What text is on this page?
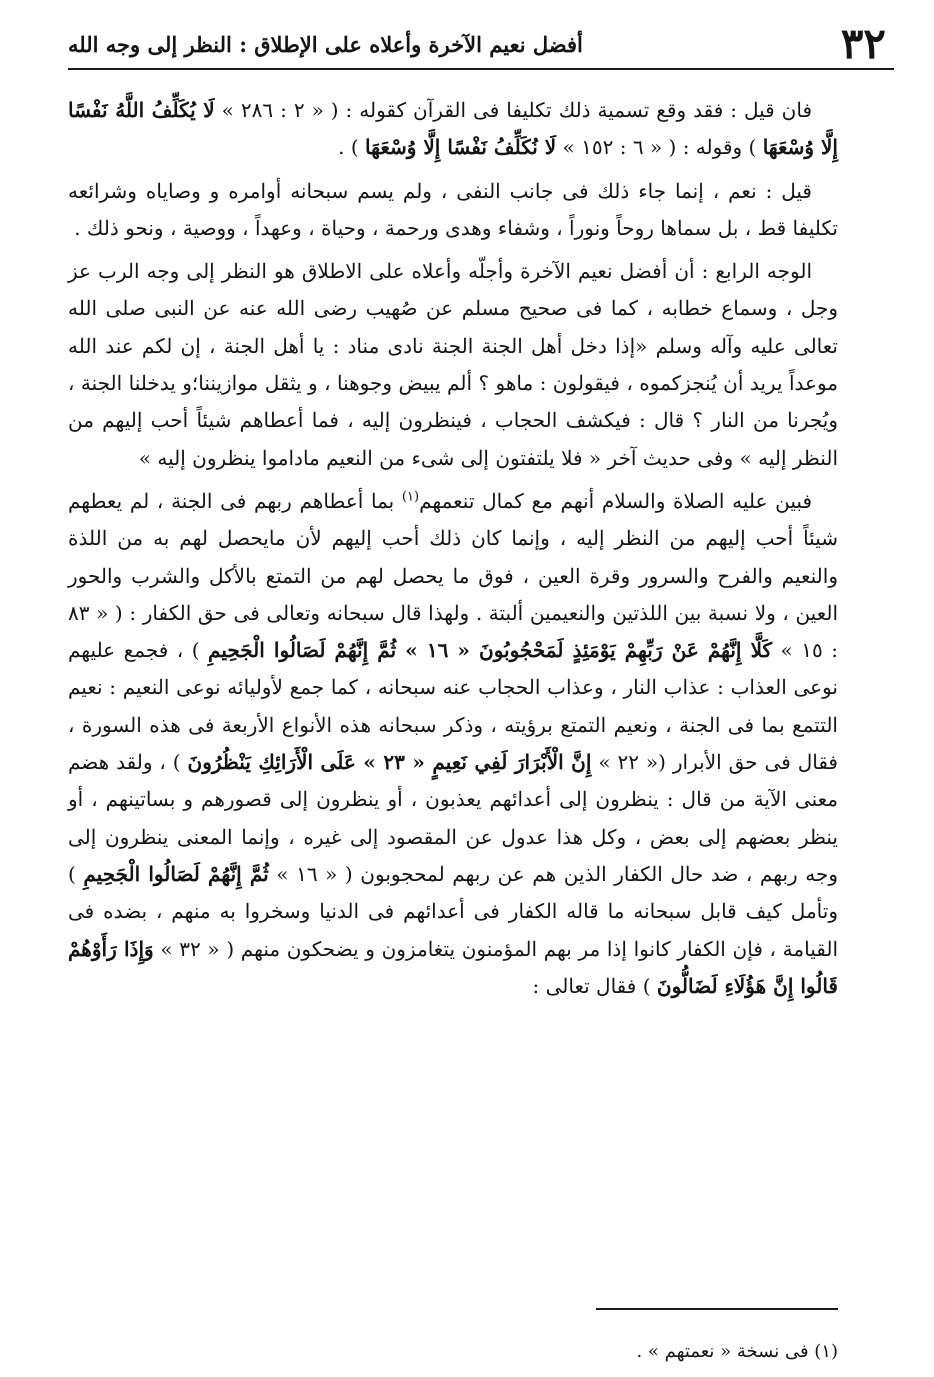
٣٢
أفضل نعيم الآخرة وأعلاه على الإطلاق : النظر إلى وجه الله

فان قيل : فقد وقع تسمية ذلك تكليفا فى القرآن كقوله : ( « ٢ : ٢٨٦ » لَا يُكَلِّفُ اللَّهُ نَفْسًا إِلَّا وُسْعَهَا ) وقوله : ( « ٦ : ١٥٢ » لَا نُكَلِّفُ نَفْسًا إِلَّا وُسْعَهَا ) .

قيل : نعم ، إنما جاء ذلك فى جانب النفى ، ولم يسم سبحانه أوامره و وصاياه وشرائعه تكليفا قط ، بل سماها روحاً ونوراً ، وشفاء وهدى ورحمة ، وحياة ، وعهداً ، ووصية ، ونحو ذلك .

الوجه الرابع : أن أفضل نعيم الآخرة وأجلّه وأعلاه على الاطلاق هو النظر إلى وجه الرب عز وجل ، وسماع خطابه ، كما فى صحيح مسلم عن صُهيب رضى الله عنه عن النبى صلى الله تعالى عليه وآله وسلم «إذا دخل أهل الجنة الجنة نادى مناد : يا أهل الجنة ، إن لكم عند الله موعداً يريد أن يُنجزكموه ، فيقولون : ماهو ؟ ألم يبيض وجوهنا ، و يثقل موازيننا؛و يدخلنا الجنة ، ويُجرنا من النار ؟ قال : فيكشف الحجاب ، فينظرون إليه ، فما أعطاهم شيئاً أحب إليهم من النظر إليه » وفى حديث آخر « فلا يلتفتون إلى شىء من النعيم ماداموا ينظرون إليه »

فبين عليه الصلاة والسلام أنهم مع كمال تنعمهم$^{(١)}$ بما أعطاهم ربهم فى الجنة ، لم يعطهم شيئاً أحب إليهم من النظر إليه ، وإنما كان ذلك أحب إليهم لأن مايحصل لهم به من اللذة والنعيم والفرح والسرور وقرة العين ، فوق ما يحصل لهم من التمتع بالأكل والشرب والحور العين ، ولا نسبة بين اللذتين والنعيمين ألبتة . ولهذا قال سبحانه وتعالى فى حق الكفار : ( « ٨٣ : ١٥ » كَلَّا إِنَّهُمْ عَنْ رَبِّهِمْ يَوْمَئِذٍ لَمَحْجُوبُونَ « ١٦ » ثُمَّ إِنَّهُمْ لَصَالُوا الْجَحِيمِ ) ، فجمع عليهم نوعى العذاب : عذاب النار ، وعذاب الحجاب عنه سبحانه ، كما جمع لأوليائه نوعى النعيم : نعيم التتمع بما فى الجنة ، ونعيم التمتع برؤيته ، وذكر سبحانه هذه الأنواع الأربعة فى هذه السورة ، فقال فى حق الأبرار (« ٢٢ » إِنَّ الْأَبْرَارَ لَفِي نَعِيمٍ « ٢٣ » عَلَى الْأَرَائِكِ يَنْظُرُونَ ) ، ولقد هضم معنى الآية من قال : ينظرون إلى أعدائهم يعذبون ، أو ينظرون إلى قصورهم و بساتينهم ، أو ينظر بعضهم إلى بعض ، وكل هذا عدول عن المقصود إلى غيره ، وإنما المعنى ينظرون إلى وجه ربهم ، ضد حال الكفار الذين هم عن ربهم لمحجوبون ( « ١٦ » ثُمَّ إِنَّهُمْ لَصَالُوا الْجَحِيمِ ) وتأمل كيف قابل سبحانه ما قاله الكفار فى أعدائهم فى الدنيا وسخروا به منهم ، بضده فى القيامة ، فإن الكفار كانوا إذا مر بهم المؤمنون يتغامزون و يضحكون منهم ( « ٣٢ » وَإِذَا رَأَوْهُمْ قَالُوا إِنَّ هَؤُلَاءِ لَضَالُّونَ ) فقال تعالى :

(١) فى نسخة « نعمتهم » .
